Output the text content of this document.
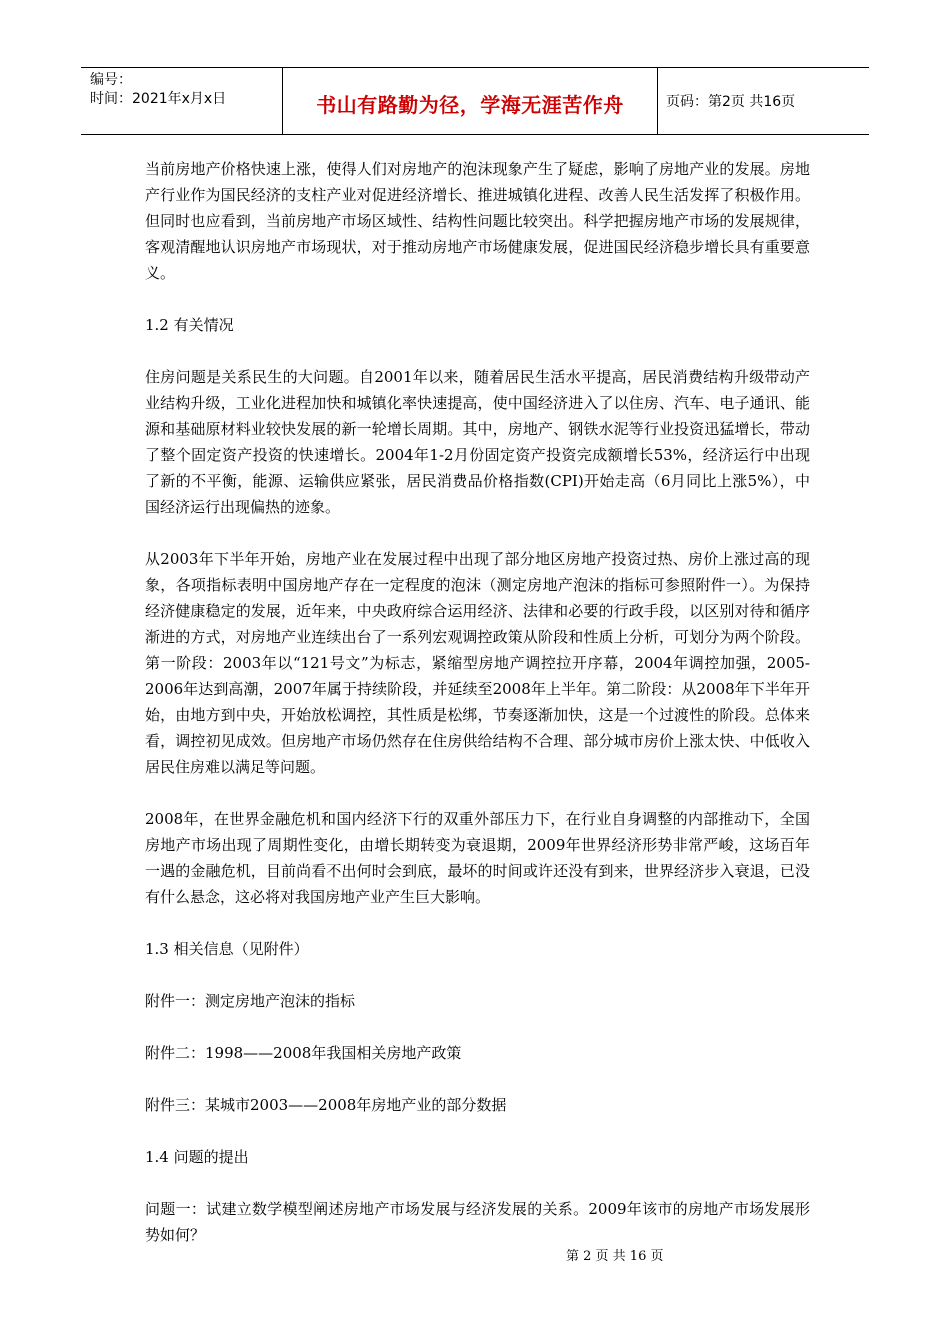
编号：
时间：2021年x月x日	书山有路勤为径，学海无涯苦作舟	页码：第2页 共16页

当前房地产价格快速上涨，使得人们对房地产的泡沫现象产生了疑虑，影响了房地产业的发展。房地产行业作为国民经济的支柱产业对促进经济增长、推进城镇化进程、改善人民生活发挥了积极作用。但同时也应看到，当前房地产市场区域性、结构性问题比较突出。科学把握房地产市场的发展规律，客观清醒地认识房地产市场现状，对于推动房地产市场健康发展，促进国民经济稳步增长具有重要意义。

1.2 有关情况

住房问题是关系民生的大问题。自2001年以来，随着居民生活水平提高，居民消费结构升级带动产业结构升级，工业化进程加快和城镇化率快速提高，使中国经济进入了以住房、汽车、电子通讯、能源和基础原材料业较快发展的新一轮增长周期。其中，房地产、钢铁水泥等行业投资迅猛增长，带动了整个固定资产投资的快速增长。2004年1-2月份固定资产投资完成额增长53%，经济运行中出现了新的不平衡，能源、运输供应紧张，居民消费品价格指数(CPI)开始走高（6月同比上涨5%），中国经济运行出现偏热的迹象。

从2003年下半年开始，房地产业在发展过程中出现了部分地区房地产投资过热、房价上涨过高的现象，各项指标表明中国房地产存在一定程度的泡沫（测定房地产泡沫的指标可参照附件一）。为保持经济健康稳定的发展，近年来，中央政府综合运用经济、法律和必要的行政手段，以区别对待和循序渐进的方式，对房地产业连续出台了一系列宏观调控政策从阶段和性质上分析，可划分为两个阶段。第一阶段：2003年以“121号文”为标志，紧缩型房地产调控拉开序幕，2004年调控加强，2005-2006年达到高潮，2007年属于持续阶段，并延续至2008年上半年。第二阶段：从2008年下半年开始，由地方到中央，开始放松调控，其性质是松绑，节奏逐渐加快，这是一个过渡性的阶段。总体来看，调控初见成效。但房地产市场仍然存在住房供给结构不合理、部分城市房价上涨太快、中低收入居民住房难以满足等问题。

2008年，在世界金融危机和国内经济下行的双重外部压力下，在行业自身调整的内部推动下，全国房地产市场出现了周期性变化，由增长期转变为衰退期，2009年世界经济形势非常严峻，这场百年一遇的金融危机，目前尚看不出何时会到底，最坏的时间或许还没有到来，世界经济步入衰退，已没有什么悬念，这必将对我国房地产业产生巨大影响。

1.3 相关信息（见附件）

附件一：测定房地产泡沫的指标

附件二：1998——2008年我国相关房地产政策

附件三：某城市2003——2008年房地产业的部分数据

1.4 问题的提出

问题一：试建立数学模型阐述房地产市场发展与经济发展的关系。2009年该市的房地产市场发展形势如何？

第 2 页 共 16 页
